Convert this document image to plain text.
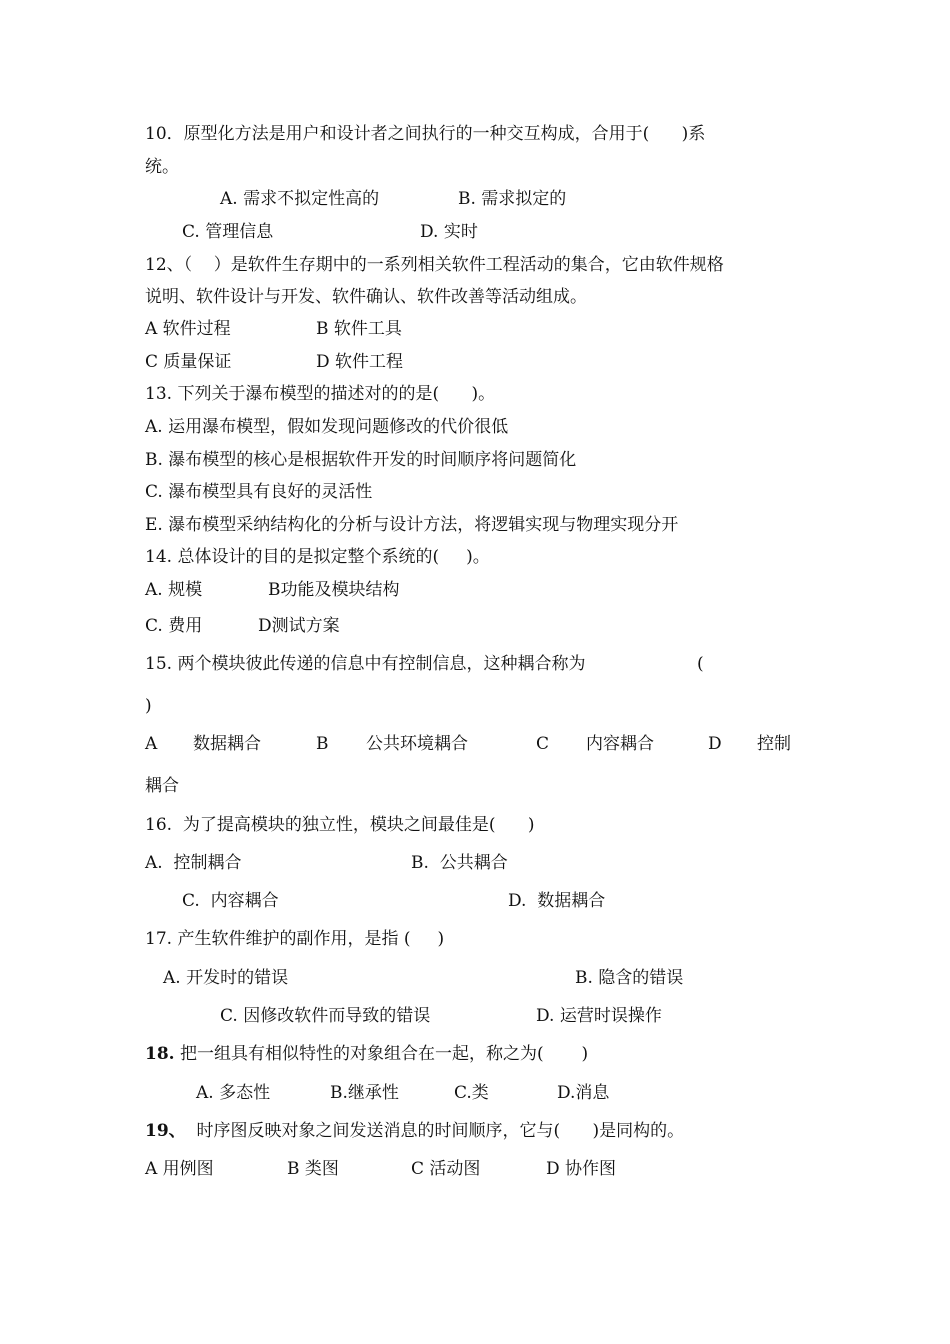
10．原型化方法是用户和设计者之间执行的一种交互构成，合用于(      )系
统。
A. 需求不拟定性高的	B. 需求拟定的
C. 管理信息	D. 实时
12、（    ）是软件生存期中的一系列相关软件工程活动的集合，它由软件规格
说明、软件设计与开发、软件确认、软件改善等活动组成。
A 软件过程	B 软件工具
C 质量保证	D 软件工程
13. 下列关于瀑布模型的描述对的的是(      )。
A. 运用瀑布模型，假如发现问题修改的代价很低
B. 瀑布模型的核心是根据软件开发的时间顺序将问题简化
C. 瀑布模型具有良好的灵活性
E. 瀑布模型采纳结构化的分析与设计方法，将逻辑实现与物理实现分开
14. 总体设计的目的是拟定整个系统的(     )。
A. 规模	B功能及模块结构
C. 费用	D测试方案
15. 两个模块彼此传递的信息中有控制信息，这种耦合称为	(
)
A 数据耦合	B 公共环境耦合	C 内容耦合	D 控制
耦合
16.  为了提高模块的独立性，模块之间最佳是(      )
A.  控制耦合	B.  公共耦合
C.  内容耦合	D.  数据耦合
17. 产生软件维护的副作用，是指 (     )
A. 开发时的错误	B. 隐含的错误
C. 因修改软件而导致的错误	D. 运营时误操作
18. 把一组具有相似特性的对象组合在一起，称之为(       )
A. 多态性	B.继承性	C.类	D.消息
19、  时序图反映对象之间发送消息的时间顺序，它与(      )是同构的。
A 用例图	B 类图	C 活动图	D 协作图
